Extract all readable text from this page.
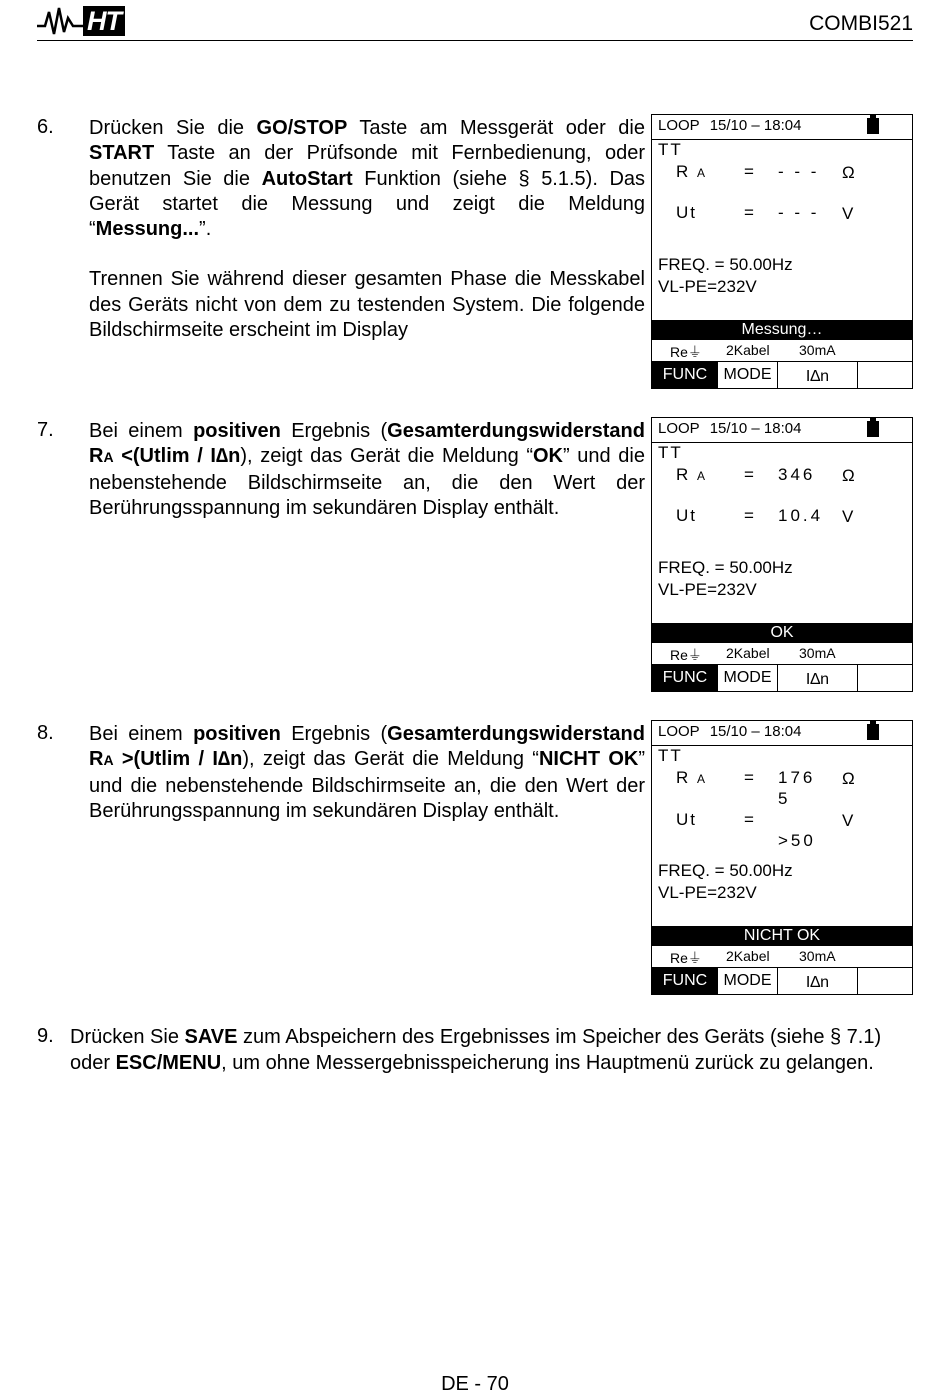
HT	COMBI521
6. Drücken Sie die GO/STOP Taste am Messgerät oder die START Taste an der Prüfsonde mit Fernbedienung, oder benutzen Sie die AutoStart Funktion (siehe § 5.1.5). Das Gerät startet die Messung und zeigt die Meldung “Messung...”.

Trennen Sie während dieser gesamten Phase die Messkabel des Geräts nicht von dem zu testenden System. Die folgende Bildschirmseite erscheint im Display

7. Bei einem positiven Ergebnis (Gesamterdungswiderstand RA <(Utlim / I∆n), zeigt das Gerät die Meldung “OK” und die nebenstehende Bildschirmseite an, die den Wert der Berührungsspannung im sekundären Display enthält.

8. Bei einem positiven Ergebnis (Gesamterdungswiderstand RA >(Utlim / I∆n), zeigt das Gerät die Meldung “NICHT OK” und die nebenstehende Bildschirmseite an, die den Wert der Berührungsspannung im sekundären Display enthält.

LOOP 15/10 – 18:04
TT
R A = - - - Ω
Ut	= - - - V
FREQ. = 50.00Hz
VL-PE=232V
Messung…
Re⏚ 2Kabel 30mA
FUNC	MODE	I∆n
LOOP 15/10 – 18:04
TT
R A = 346 Ω
Ut	= 10.4 V
FREQ. = 50.00Hz
VL-PE=232V
OK
Re⏚ 2Kabel 30mA
FUNC	MODE	I∆n
LOOP 15/10 – 18:04
TT
R A = 176
5
Ω
Ut	=
>50
V
FREQ. = 50.00Hz
VL-PE=232V
NICHT OK
Re⏚ 2Kabel 30mA
FUNC	MODE	I∆n
9. Drücken Sie SAVE zum Abspeichern des Ergebnisses im Speicher des Geräts (siehe § 7.1) oder ESC/MENU, um ohne Messergebnisspeicherung ins Hauptmenü zurück zu gelangen.

DE - 70
